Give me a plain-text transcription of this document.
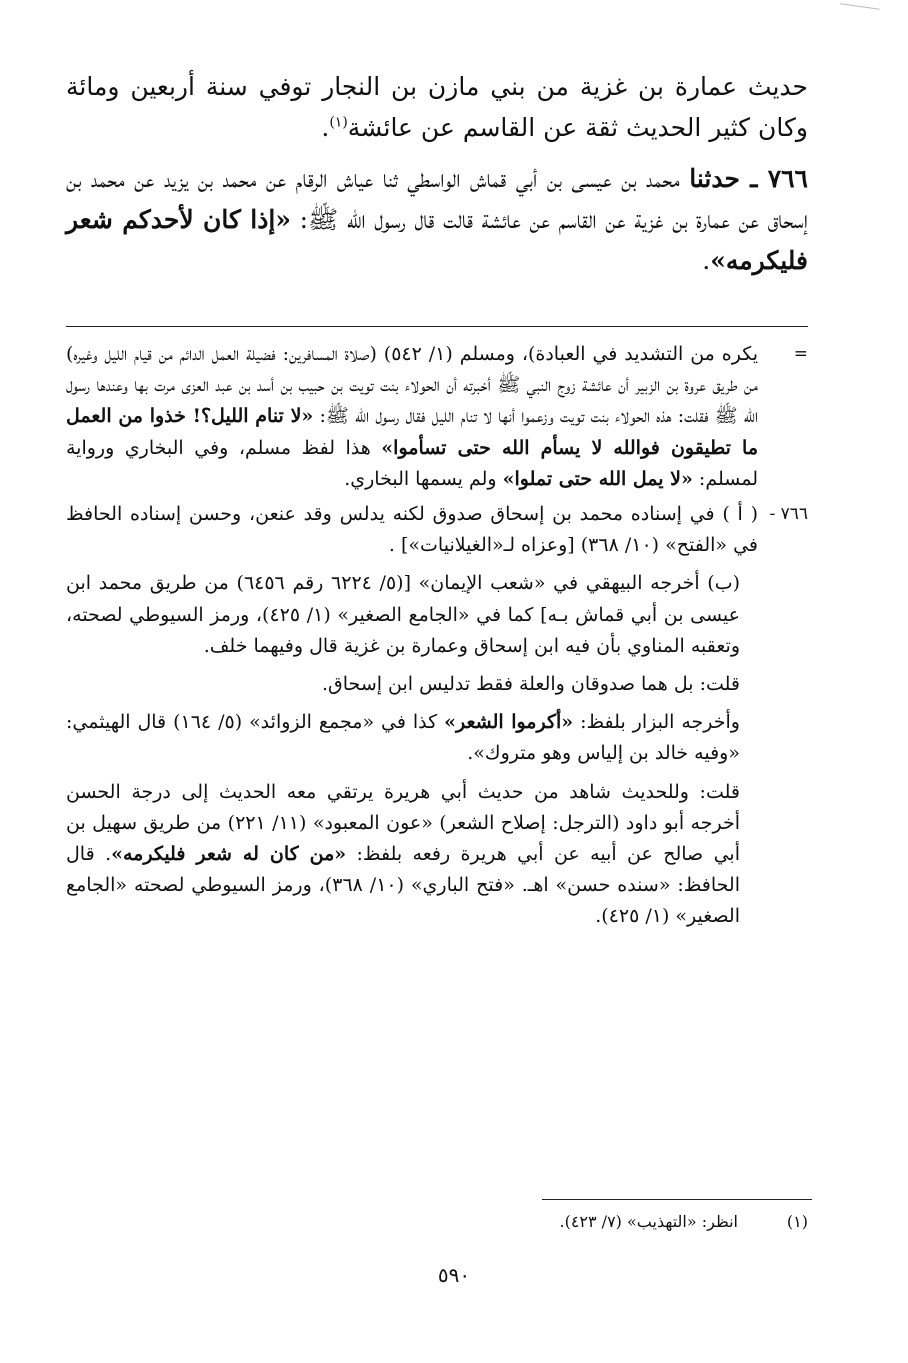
حديث عمارة بن غزية من بني مازن بن النجار توفي سنة أربعين ومائة وكان كثير الحديث ثقة عن القاسم عن عائشة$^{(١)}$.

٧٦٦ ـ حدثنا محمد بن عيسى بن أبي قماش الواسطي ثنا عياش الرقام عن محمد بن يزيد عن محمد بن إسحاق عن عمارة بن غزية عن القاسم عن عائشة قالت قال رسول الله ﷺ: «إذا كان لأحدكم شعر فليكرمه».

=

يكره من التشديد في العبادة)، ومسلم (١/ ٥٤٢) (صلاة المسافرين: فضيلة العمل الدائم من قيام الليل وغيره) من طريق عروة بن الزبير أن عائشة زوج النبي ﷺ أخبرته أن الحولاء بنت تويت بن حبيب بن أسد بن عبد العزى مرت بها وعندها رسول الله ﷺ فقلت: هذه الحولاء بنت تويت وزعموا أنها لا تنام الليل فقال رسول الله ﷺ: «لا تنام الليل؟! خذوا من العمل ما تطيقون فوالله لا يسأم الله حتى تسأموا» هذا لفظ مسلم، وفي البخاري ورواية لمسلم: «لا يمل الله حتى تملوا» ولم يسمها البخاري.

٧٦٦ -

( أ ) في إسناده محمد بن إسحاق صدوق لكنه يدلس وقد عنعن، وحسن إسناده الحافظ في «الفتح» (١٠/ ٣٦٨) [وعزاه لـ«الغيلانيات»] .

(ب) أخرجه البيهقي في «شعب الإيمان» [(٥/ ٦٢٢٤ رقم ٦٤٥٦) من طريق محمد ابن عيسى بن أبي قماش بـه] كما في «الجامع الصغير» (١/ ٤٢٥)، ورمز السيوطي لصحته، وتعقبه المناوي بأن فيه ابن إسحاق وعمارة بن غزية قال وفيهما خلف.

قلت: بل هما صدوقان والعلة فقط تدليس ابن إسحاق.

وأخرجه البزار بلفظ: «أكرموا الشعر» كذا في «مجمع الزوائد» (٥/ ١٦٤) قال الهيثمي: «وفيه خالد بن إلياس وهو متروك».

قلت: وللحديث شاهد من حديث أبي هريرة يرتقي معه الحديث إلى درجة الحسن أخرجه أبو داود (الترجل: إصلاح الشعر) «عون المعبود» (١١/ ٢٢١) من طريق سهيل بن أبي صالح عن أبيه عن أبي هريرة رفعه بلفظ: «من كان له شعر فليكرمه». قال الحافظ: «سنده حسن» اهـ. «فتح الباري» (١٠/ ٣٦٨)، ورمز السيوطي لصحته «الجامع الصغير» (١/ ٤٢٥).

(١)انظر: «التهذيب» (٧/ ٤٢٣).
٥٩٠
